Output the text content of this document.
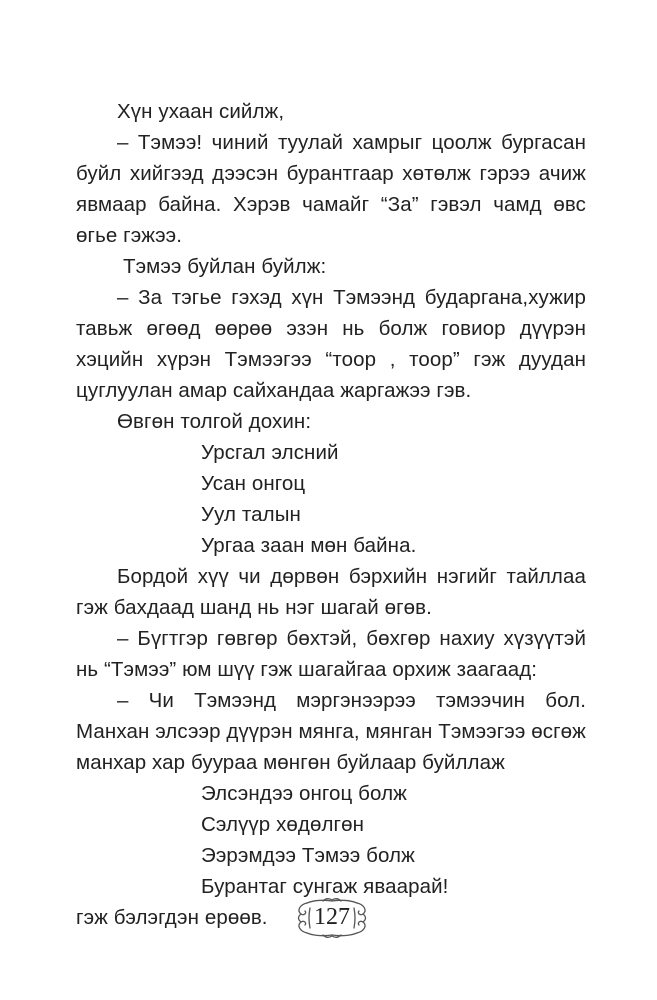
Хүн ухаан сийлж,

– Тэмээ! чиний туулай хамрыг цоолж бургасан буйл хийгээд дээсэн бурантгаар хөтөлж гэрээ ачиж явмаар байна. Хэрэв чамайг “За” гэвэл чамд өвс өгье гэжээ.

Тэмээ буйлан буйлж:

– За тэгье гэхэд хүн Тэмээнд бударгана,хужир тавьж өгөөд өөрөө эзэн нь болж говиор дүүрэн хэцийн хүрэн Тэмээгээ “тоор , тоор” гэж дуудан цуглуулан амар сайхандаа жаргажээ гэв.

Өвгөн толгой дохин:

Урсгал элсний

Усан онгоц

Уул талын

Ургаа заан мөн байна.

Бордой хүү чи дөрвөн бэрхийн нэгийг тайллаа гэж бахдаад шанд нь нэг шагай өгөв.

– Бүгтгэр гөвгөр бөхтэй, бөхгөр нахиу хүзүүтэй нь “Тэмээ” юм шүү гэж шагайгаа орхиж заагаад:

– Чи Тэмээнд мэргэнээрээ тэмээчин бол. Манхан элсээр дүүрэн мянга, мянган Тэмээгээ өсгөж манхар хар буураа мөнгөн буйлаар буйллаж

Элсэндээ онгоц болж

Сэлүүр хөдөлгөн

Ээрэмдээ Тэмээ болж

Бурантаг сунгаж яваарай!

гэж бэлэгдэн ерөөв.	127
